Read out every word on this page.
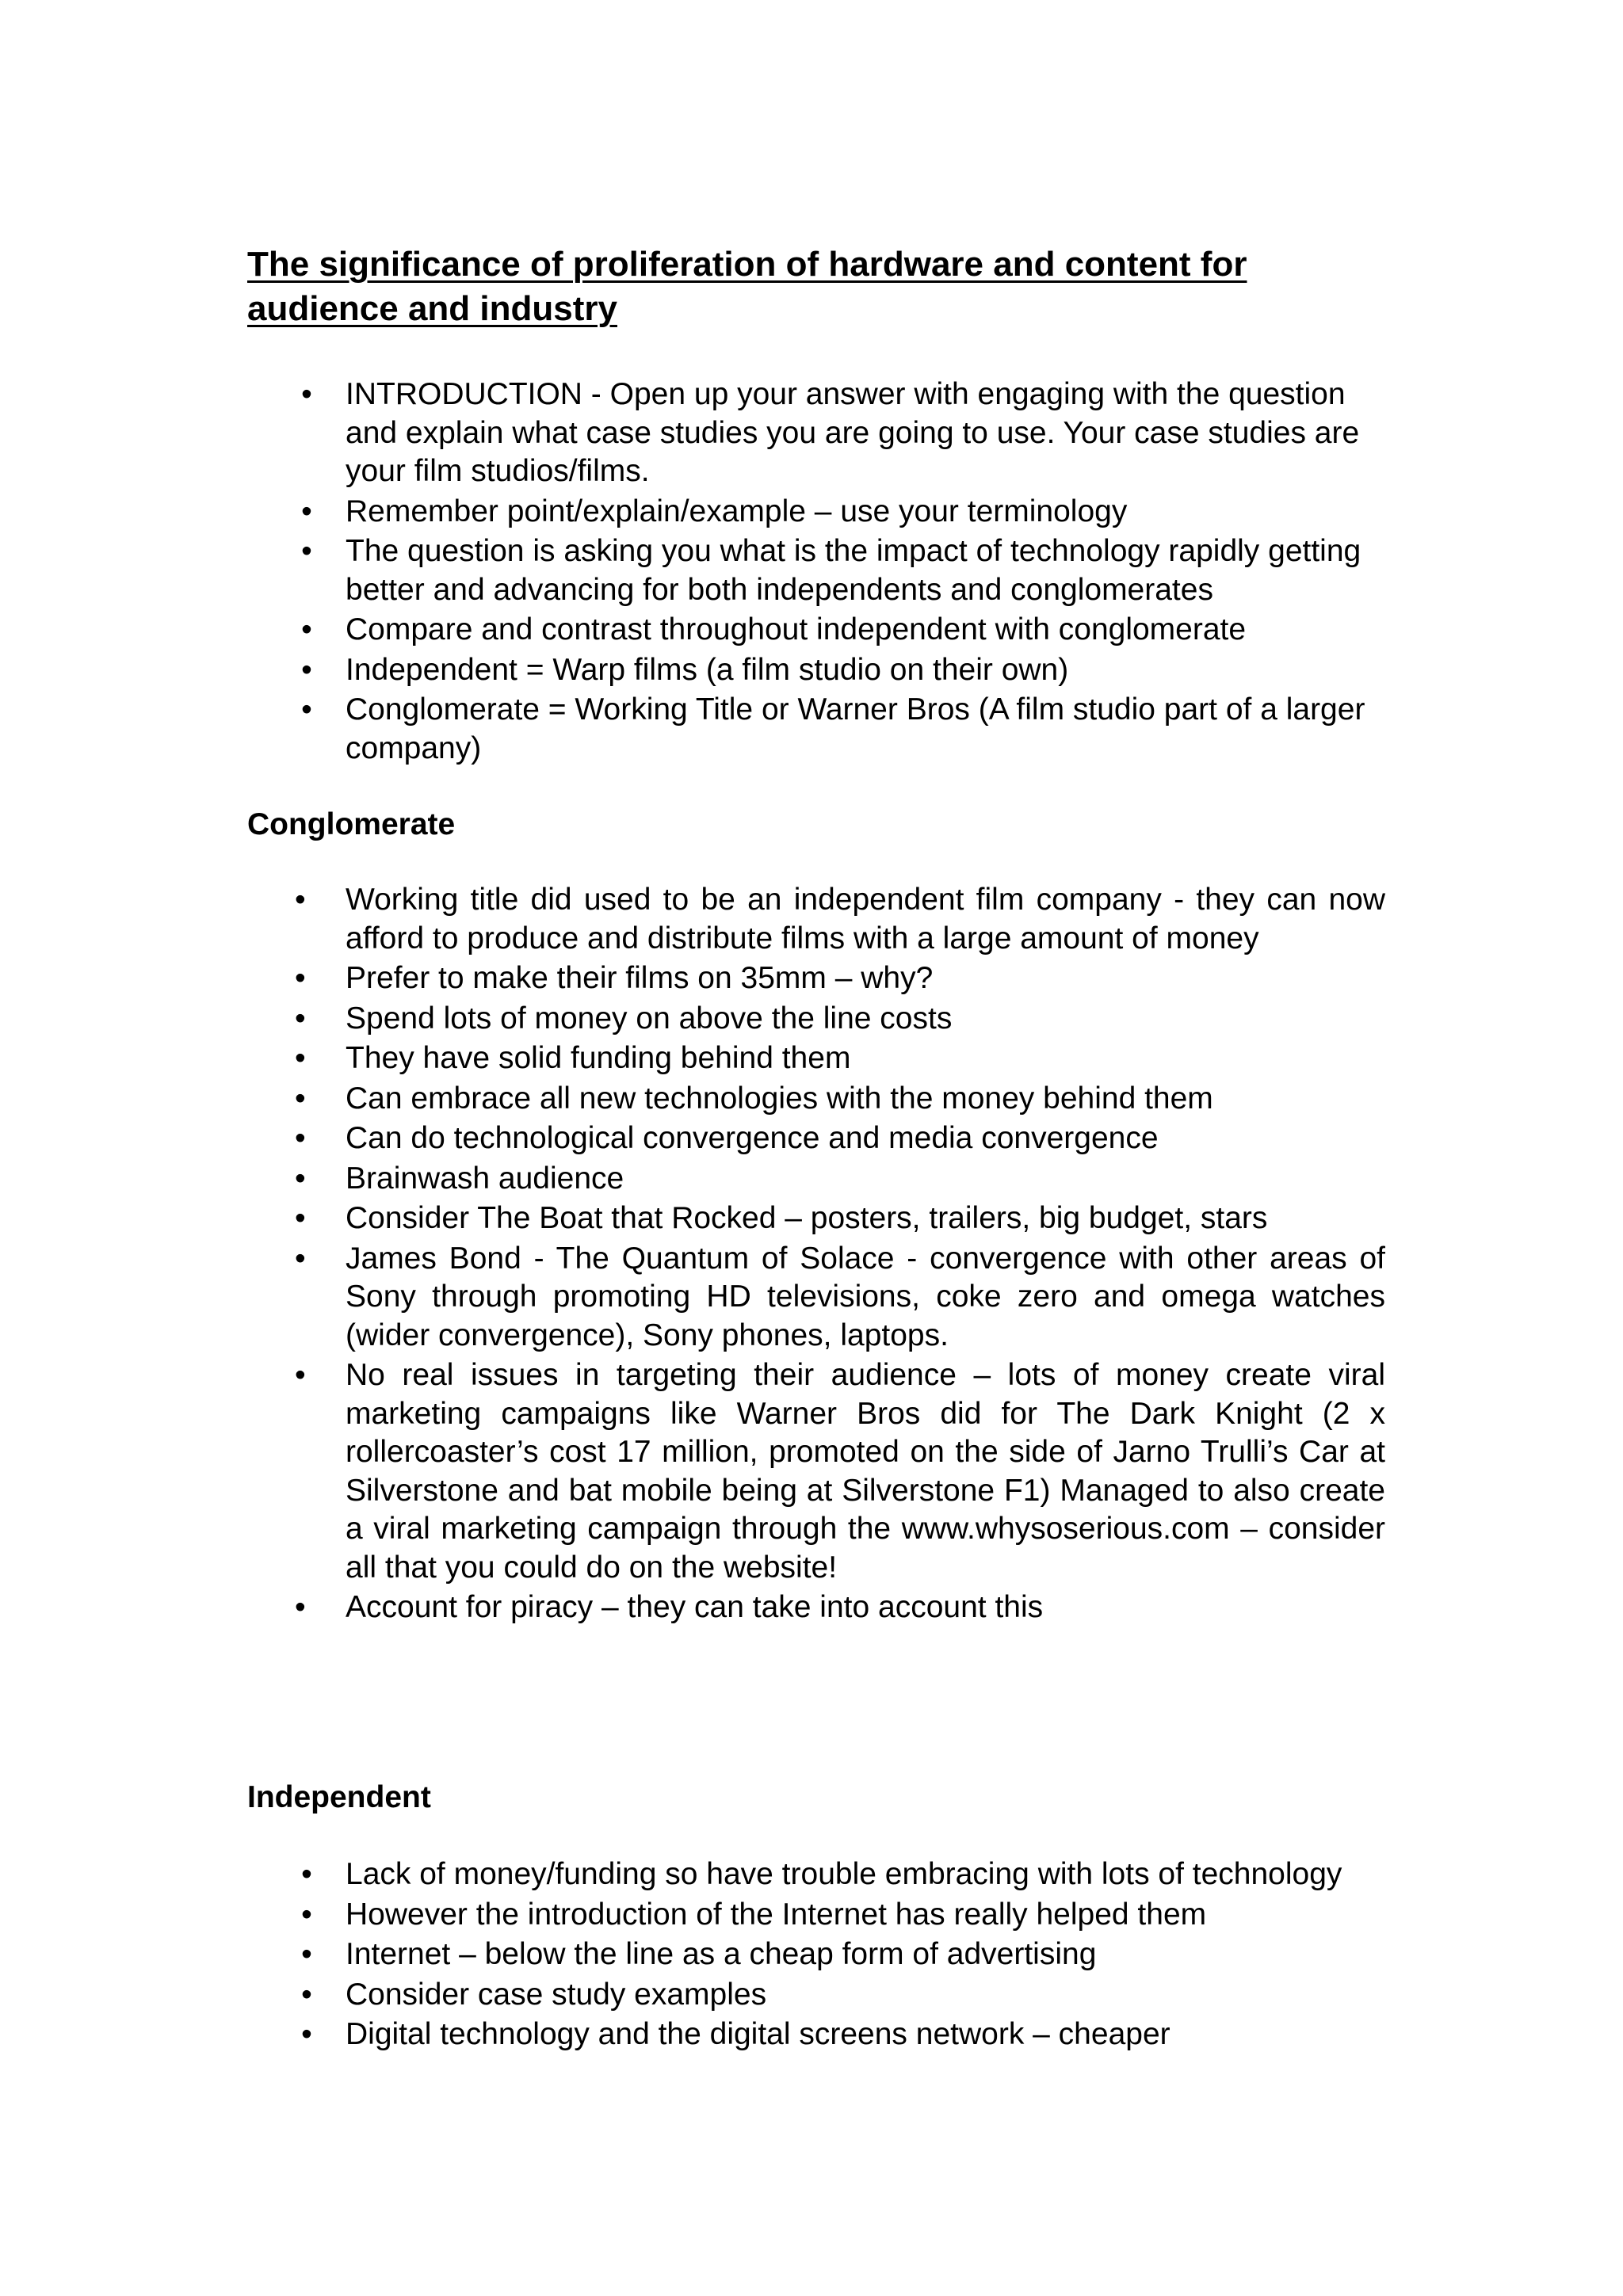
The significance of proliferation of hardware and content for audience and industry
• INTRODUCTION - Open up your answer with engaging with the question and explain what case studies you are going to use. Your case studies are your film studios/films.
• Remember point/explain/example – use your terminology
• The question is asking you what is the impact of technology rapidly getting better and advancing for both independents and conglomerates
• Compare and contrast throughout independent with conglomerate
• Independent = Warp films (a film studio on their own)
• Conglomerate = Working Title or Warner Bros (A film studio part of a larger company)
Conglomerate
•	Working title did used to be an independent film company - they can now afford to produce and distribute films with a large amount of money
•	Prefer to make their films on 35mm – why?
•	Spend lots of money on above the line costs
•	They have solid funding behind them
•	Can embrace all new technologies with the money behind them
•	Can do technological convergence and media convergence
•	Brainwash audience
•	Consider The Boat that Rocked – posters, trailers, big budget, stars
•	James Bond - The Quantum of Solace - convergence with other areas of Sony through promoting HD televisions, coke zero and omega watches (wider convergence), Sony phones, laptops.
•	No real issues in targeting their audience – lots of money create viral marketing campaigns like Warner Bros did for The Dark Knight (2 x rollercoaster’s cost 17 million, promoted on the side of Jarno Trulli’s Car at Silverstone and bat mobile being at Silverstone F1) Managed to also create a viral marketing campaign through the www.whysoserious.com – consider all that you could do on the website!
•	Account for piracy – they can take into account this
Independent
• Lack of money/funding so have trouble embracing with lots of technology
• However the introduction of the Internet has really helped them
• Internet – below the line as a cheap form of advertising
• Consider case study examples
• Digital technology and the digital screens network – cheaper
